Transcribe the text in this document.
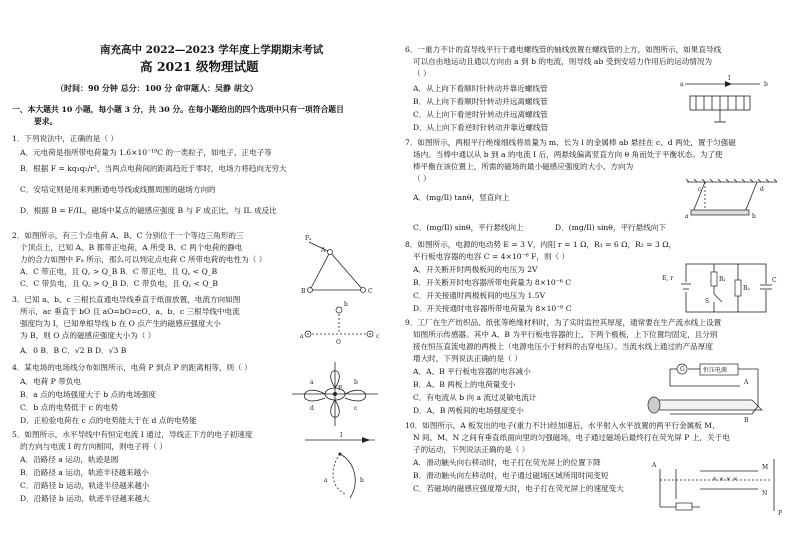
南充高中 2022—2023 学年度上学期期末考试
高 2021 级物理试题
（时间：90 分钟 总分：100 分 命审题人：吴静 胡文）
一、本大题共 10 小题，每小题 3 分，共 30 分。在每小题给出的四个选项中只有一项符合题目
要求。
1．下列说法中，正确的是（ ）
A．元电荷是指所带电荷量为 1.6×10⁻¹⁹C 的一类粒子，如电子、正电子等
B．根据 F = kq₁q₂/r²，当两点电荷间的距离趋近于零时，电场力将趋向无穷大
C．安培定则是用来判断通电导线或线圈周围的磁场方向的
D．根据 B = F/IL，磁场中某点的磁感应强度 B 与 F 成正比，与 IL 成反比
2．如图所示，有三个点电荷 A、B、C 分别位于一个等边三角形的三
个顶点上，已知 A、B 都带正电荷，A 所受 B、C 两个电荷的静电
力的合力如图中 Fₐ 所示，那么可以判定点电荷 C 所带电荷的电性为（ ）
A．C 带正电，且 Q꜀ > Q_B B．C 带正电，且 Q꜀ < Q_B
C．C 带负电，且 Q꜀ > Q_B D．C 带负电，且 Q꜀ < Q_B
3．已知 a、b、c 三根长直通电导线垂直于纸面放置，电流方向如图
所示，ac 垂直于 bO 且 aO=bO=cO，a、b、c 三根导线中电流
强度均为 I，已知单根导线 b 在 O 点产生的磁感应强度大小
为 B，则 O 点的磁感应强度大小为（ ）
A．0 B．B C．√2 B D．√3 B
4．某电场的电场线分布如图所示，电荷 P 到点 P 的距离相等，则（ ）
A．电荷 P 带负电
B．a 点的电场强度大于 b 点的电场强度
C．b 点的电势低于 c 的电势
D．正检验电荷在 c 点的电势能大于在 d 点的电势能
5．如图所示，水平导线中有恒定电流 I 通过，导线正下方的电子初速度
的方向与电流 I 的方向相同，则电子将（ ）
A．沿路径 a 运动，轨迹是圆
B．沿路径 a 运动，轨迹半径越来越小
C．沿路径 b 运动，轨迹半径越来越小
D．沿路径 b 运动，轨迹半径越来越大
A
B	C
Fₐ
a
b
c
O
P
a	b
c
d
I
a	b
6．一重力不计的直导线平行于通电螺线管的轴线放置在螺线管的上方，如图所示，如果直导线
可以自由地运动且通以方向由 a 到 b 的电流，则导线 ab 受到安培力作用后的运动情况为
（ ）
A．从上向下看顺时针转动并靠近螺线管
B．从上向下看顺时针转动并远离螺线管
C．从上向下看逆时针转动并远离螺线管
D．从上向下看逆时针转动并靠近螺线管
7．如图所示，两根平行绝缘细线将质量为 m、长为 l 的金属棒 ab 悬挂在 c、d 两处，置于匀强磁
场内。当棒中通以从 b 到 a 的电流 I 后，两悬线偏离竖直方向 θ 角而处于平衡状态。为了使
棒平衡在该位置上，所需的磁场的最小磁感应强度的大小、方向为
（ ）
A．(mg/Il) tanθ，竖直向上
C．(mg/Il) sinθ，平行悬线向上	D．(mg/Il) sinθ，平行悬线向下
8．如图所示，电源的电动势 E = 3 V，内阻 r = 1 Ω，R₁ = 6 Ω，R₂ = 3 Ω，
平行板电容器的电容 C = 4×10⁻⁶ F，则（ ）
A．开关断开时两极板间的电压为 2V
B．开关断开时电容器所带电荷量为 8×10⁻⁶ C
C．开关接通时两极板间的电压为 1.5V
D．开关接通时电容器所带电荷量为 8×10⁻⁶ C
9．工厂在生产纺织品、纸张等绝缘材料时，为了实时监控其厚度，通常要在生产流水线上设置
如图所示传感器。其中 A、B 为平行板电容器的上、下两个极板，上下位置均固定，且分别
接在恒压直流电源的两极上（电源电压小于材料的击穿电压）。当流水线上通过的产品厚度
增大时，下列说法正确的是（ ）
A．A、B 平行板电容器的电容减小
B．A、B 两板上的电荷量变小
C．有电流从 b 向 a 流过灵敏电流计
D．A、B 两板间的电场强度变小
10．如图所示，A 板发出的电子(重力不计)经加速后，水平射入水平放置的两平行金属板 M、
N 间，M、N 之间有垂直纸面向里的匀强磁场，电子通过磁场后最终打在荧光屏 P 上，关于电
子的运动，下列说法正确的是（ ）
A．滑动触头向右移动时，电子打在荧光屏上的位置下降
B．滑动触头向左移动时，电子通过磁场区域所用时间变短
C．若磁场的磁感应强度增大时，电子打在荧光屏上的速度变大
a	b
I
c	d
a	b
E, r	R₁
R₂
C
S
恒压电源
G
A
B
× × × ×
M
N
P
A
